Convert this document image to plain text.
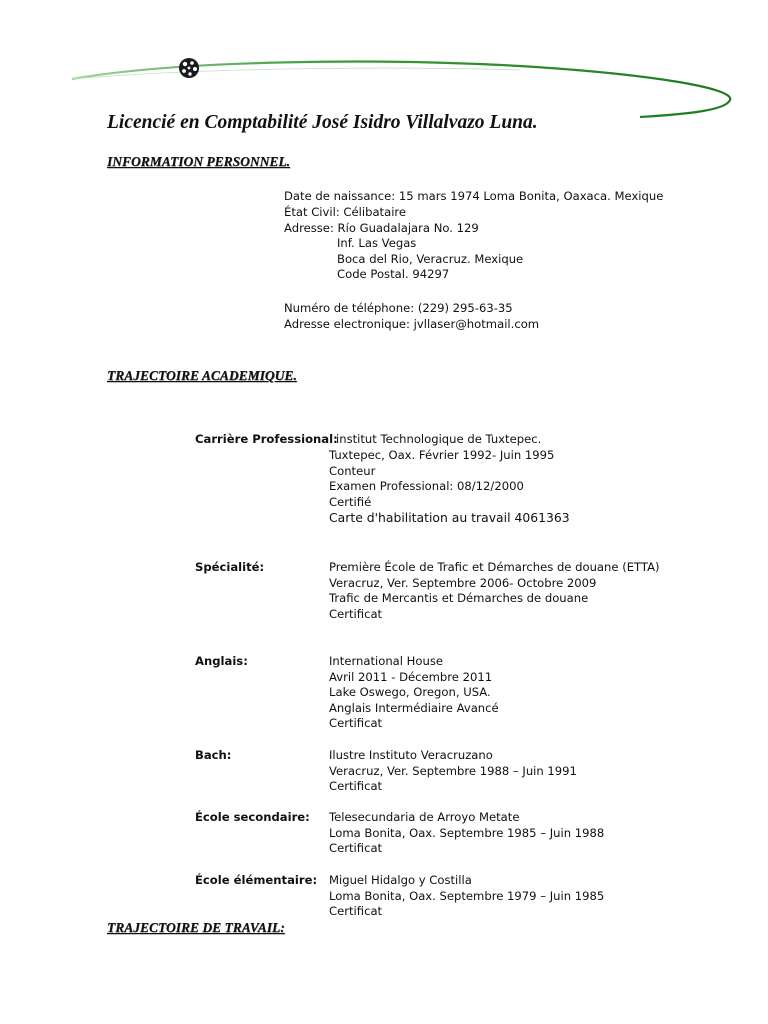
Licencié en Comptabilité José Isidro Villalvazo Luna.
INFORMATION PERSONNEL.
Date de naissance: 15 mars 1974 Loma Bonita, Oaxaca. Mexique
État Civil: Célibataire
Adresse: Río Guadalajara No. 129
Inf. Las Vegas
Boca del Rio, Veracruz. Mexique
Code Postal. 94297
Numéro de téléphone: (229) 295-63-35
Adresse electronique: jvllaser@hotmail.com
TRAJECTOIRE ACADEMIQUE.
Carrière Professional:
institut Technologique de Tuxtepec.
Tuxtepec, Oax. Février 1992- Juin 1995
Conteur
Examen Professional: 08/12/2000
Certifié
Carte d'habilitation au travail 4061363
Spécialité:	Première École de Trafic et Démarches de douane (ETTA)
Veracruz, Ver. Septembre 2006- Octobre 2009
Trafic de Mercantis et Démarches de douane
Certificat
Anglais:	International House
Avril 2011 - Décembre 2011
Lake Oswego, Oregon, USA.
Anglais Intermédiaire Avancé
Certificat
Bach:	Ilustre Instituto Veracruzano
Veracruz, Ver. Septembre 1988 – Juin 1991
Certificat
École secondaire: Telesecundaria de Arroyo Metate
Loma Bonita, Oax. Septembre 1985 – Juin 1988
Certificat
École élémentaire: Miguel Hidalgo y Costilla
Loma Bonita, Oax. Septembre 1979 – Juin 1985
Certificat
TRAJECTOIRE DE TRAVAIL:
